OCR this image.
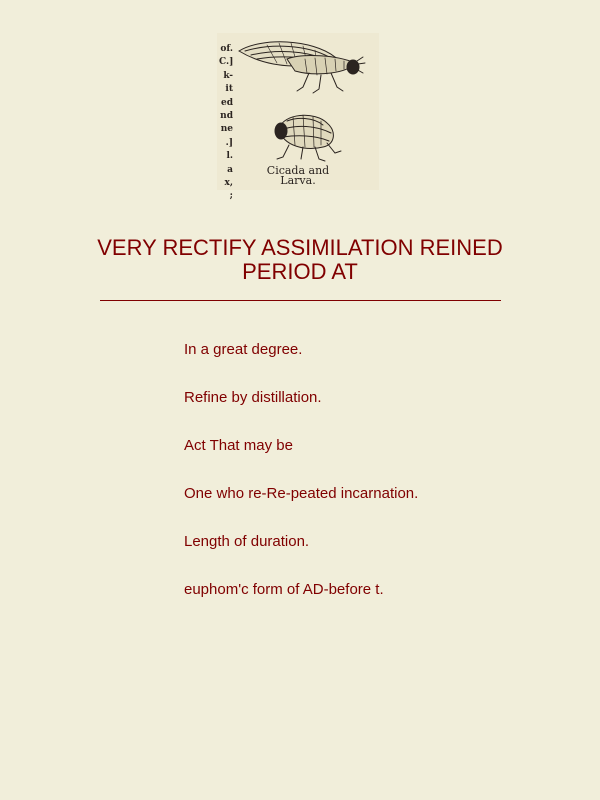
of.
C.]
k-
it
ed
nd
ne
.]
l.
a
x,
;
Cicada and
Larva.
VERY RECTIFY ASSIMILATION REINED PERIOD AT
In a great degree.
Refine by distillation.
Act That may be
One who re-Re-peated incarnation.
Length of duration.
euphom'c form of AD-before t.
